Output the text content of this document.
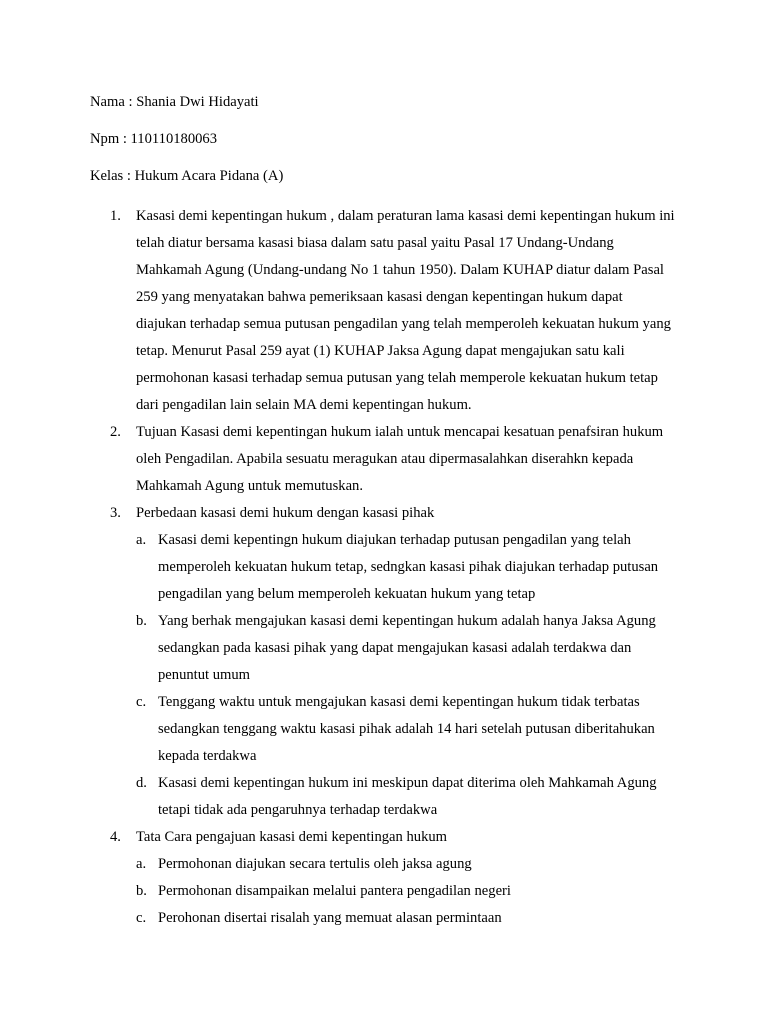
Nama : Shania Dwi Hidayati
Npm : 110110180063
Kelas : Hukum Acara Pidana (A)
1. Kasasi demi kepentingan hukum , dalam peraturan lama kasasi demi kepentingan hukum ini telah diatur bersama kasasi biasa dalam satu pasal yaitu Pasal 17 Undang-Undang Mahkamah Agung (Undang-undang No 1 tahun 1950). Dalam KUHAP diatur dalam Pasal 259 yang menyatakan bahwa pemeriksaan kasasi dengan kepentingan hukum dapat diajukan terhadap semua putusan pengadilan yang telah memperoleh kekuatan hukum yang tetap. Menurut Pasal 259 ayat (1) KUHAP Jaksa Agung dapat mengajukan satu kali permohonan kasasi terhadap semua putusan yang telah memperole kekuatan hukum tetap dari pengadilan lain selain MA demi kepentingan hukum.
2. Tujuan Kasasi demi kepentingan hukum ialah untuk mencapai kesatuan penafsiran hukum oleh Pengadilan. Apabila sesuatu meragukan atau dipermasalahkan diserahkn kepada Mahkamah Agung untuk memutuskan.
3. Perbedaan kasasi demi hukum dengan kasasi pihak
a. Kasasi demi kepentingn hukum diajukan terhadap putusan pengadilan yang telah memperoleh kekuatan hukum tetap, sedngkan kasasi pihak diajukan terhadap putusan pengadilan yang belum memperoleh kekuatan hukum yang tetap
b. Yang berhak mengajukan kasasi demi kepentingan hukum adalah hanya Jaksa Agung sedangkan pada kasasi pihak yang dapat mengajukan kasasi adalah terdakwa dan penuntut umum
c. Tenggang waktu untuk mengajukan kasasi demi kepentingan hukum tidak terbatas sedangkan tenggang waktu kasasi pihak adalah 14 hari setelah putusan diberitahukan kepada terdakwa
d. Kasasi demi kepentingan hukum ini meskipun dapat diterima oleh Mahkamah Agung tetapi tidak ada pengaruhnya terhadap terdakwa
4. Tata Cara pengajuan kasasi demi kepentingan hukum
a. Permohonan diajukan secara tertulis oleh jaksa agung
b. Permohonan disampaikan melalui pantera pengadilan negeri
c. Perohonan disertai risalah yang memuat alasan permintaan
